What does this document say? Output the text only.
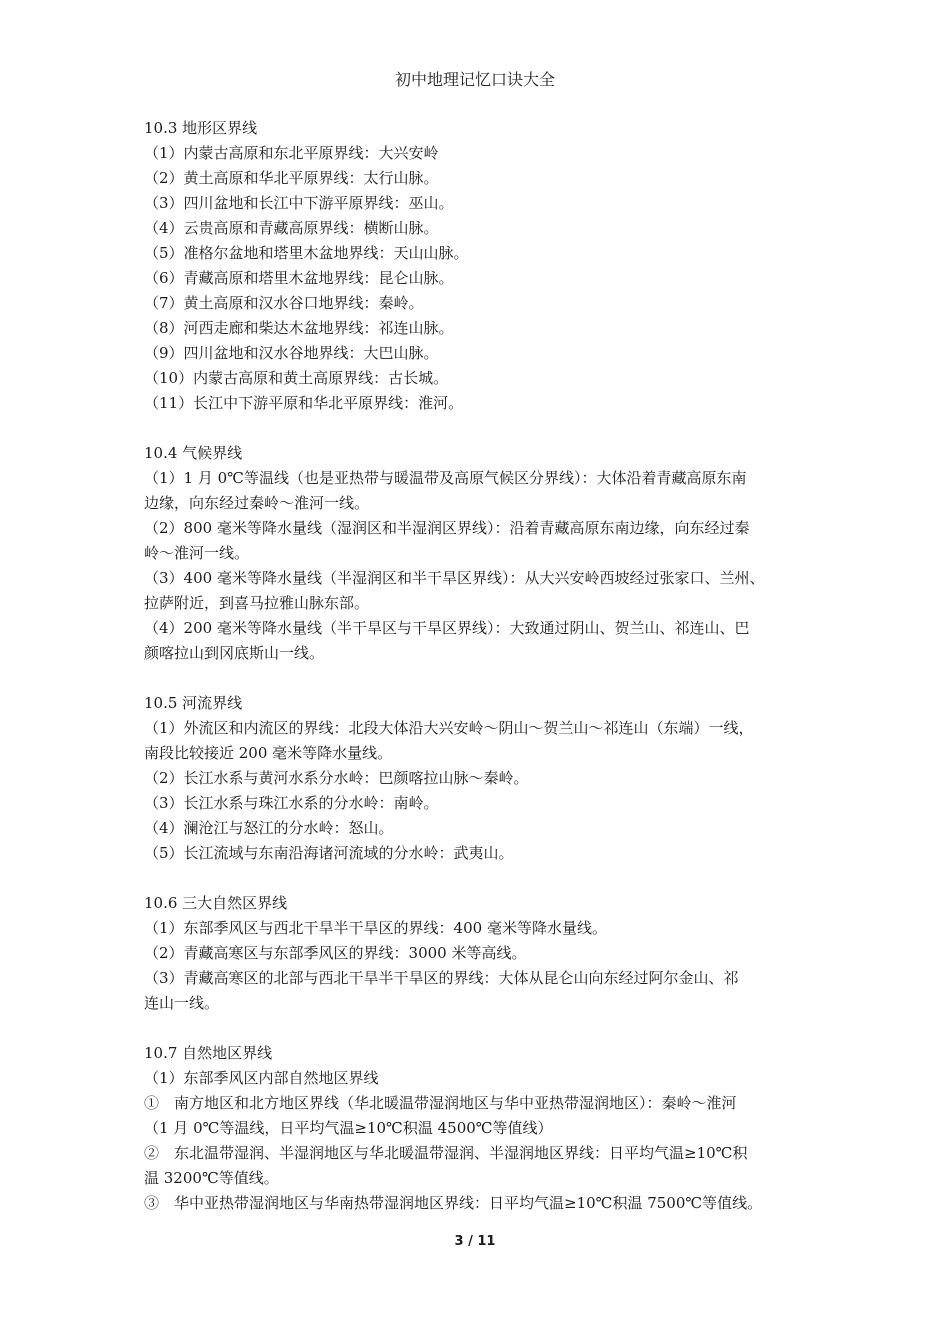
初中地理记忆口诀大全
10.3 地形区界线
（1）内蒙古高原和东北平原界线：大兴安岭
（2）黄土高原和华北平原界线：太行山脉。
（3）四川盆地和长江中下游平原界线：巫山。
（4）云贵高原和青藏高原界线：横断山脉。
（5）准格尔盆地和塔里木盆地界线：天山山脉。
（6）青藏高原和塔里木盆地界线：昆仑山脉。
（7）黄土高原和汉水谷口地界线：秦岭。
（8）河西走廊和柴达木盆地界线：祁连山脉。
（9）四川盆地和汉水谷地界线：大巴山脉。
（10）内蒙古高原和黄土高原界线：古长城。
（11）长江中下游平原和华北平原界线：淮河。
10.4 气候界线
（1）1 月 0℃等温线（也是亚热带与暖温带及高原气候区分界线）：大体沿着青藏高原东南
边缘，向东经过秦岭～淮河一线。
（2）800 毫米等降水量线（湿润区和半湿润区界线）：沿着青藏高原东南边缘，向东经过秦
岭～淮河一线。
（3）400 毫米等降水量线（半湿润区和半干旱区界线）：从大兴安岭西坡经过张家口、兰州、
拉萨附近，到喜马拉雅山脉东部。
（4）200 毫米等降水量线（半干旱区与干旱区界线）：大致通过阴山、贺兰山、祁连山、巴
颜喀拉山到冈底斯山一线。
10.5 河流界线
（1）外流区和内流区的界线：北段大体沿大兴安岭～阴山～贺兰山～祁连山（东端）一线，
南段比较接近 200 毫米等降水量线。
（2）长江水系与黄河水系分水岭：巴颜喀拉山脉～秦岭。
（3）长江水系与珠江水系的分水岭：南岭。
（4）澜沧江与怒江的分水岭：怒山。
（5）长江流域与东南沿海诸河流域的分水岭：武夷山。
10.6 三大自然区界线
（1）东部季风区与西北干旱半干旱区的界线：400 毫米等降水量线。
（2）青藏高寒区与东部季风区的界线：3000 米等高线。
（3）青藏高寒区的北部与西北干旱半干旱区的界线：大体从昆仑山向东经过阿尔金山、祁
连山一线。
10.7 自然地区界线
（1）东部季风区内部自然地区界线
①　南方地区和北方地区界线（华北暖温带湿润地区与华中亚热带湿润地区）：秦岭～淮河
（1 月 0℃等温线，日平均气温≥10℃积温 4500℃等值线）
②　东北温带湿润、半湿润地区与华北暖温带湿润、半湿润地区界线：日平均气温≥10℃积
温 3200℃等值线。
③　华中亚热带湿润地区与华南热带湿润地区界线：日平均气温≥10℃积温 7500℃等值线。
3 / 11
